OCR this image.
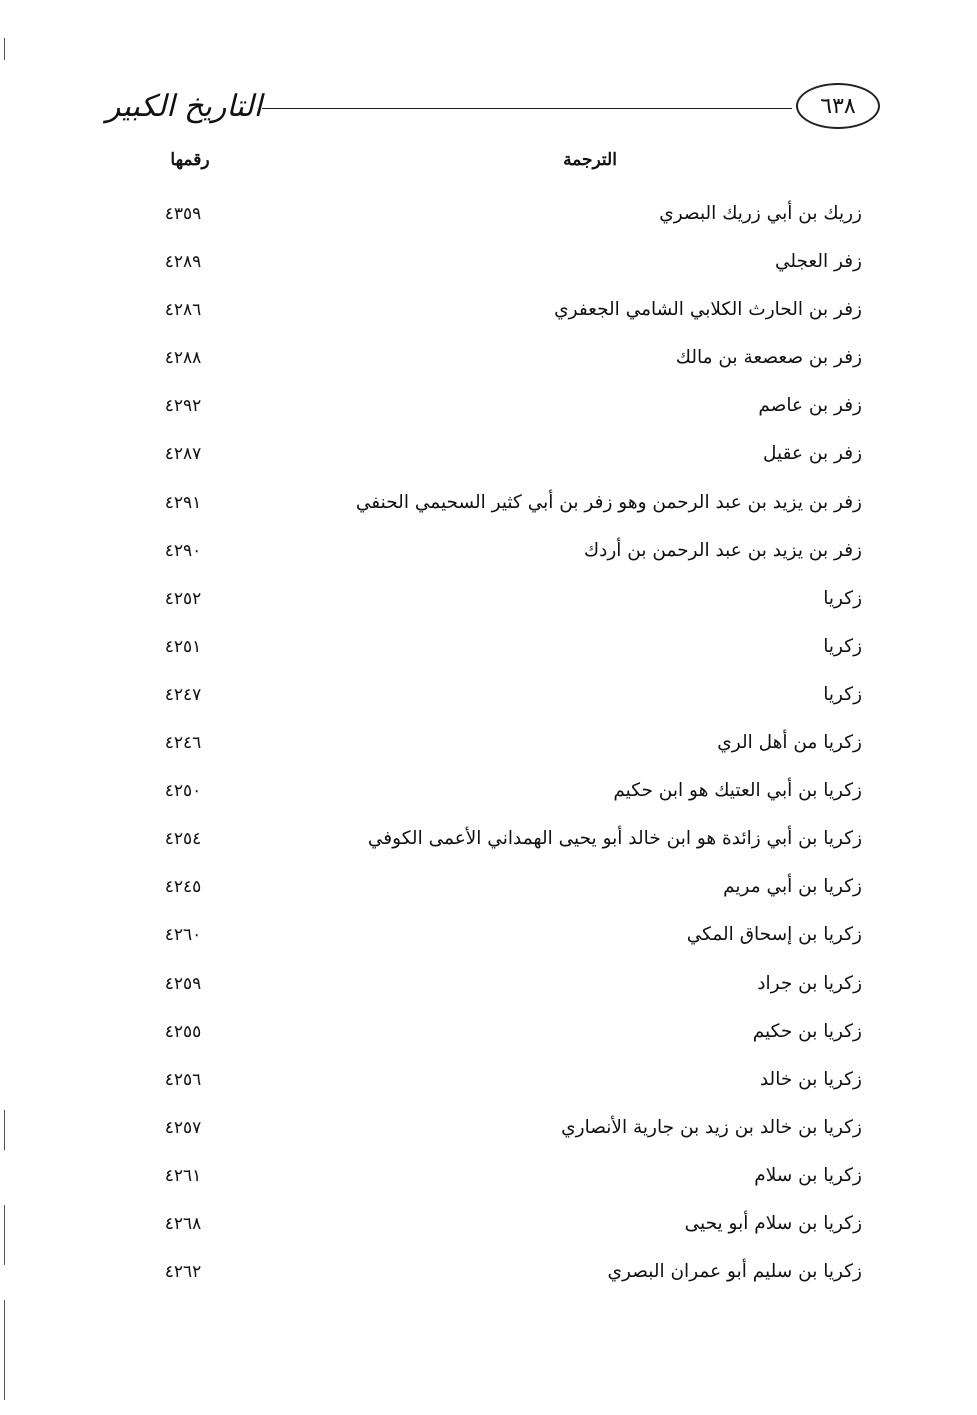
التاريخ الكبير	٦٣٨
الترجمة
رقمها
زريك بن أبي زريك البصري
٤٣٥٩
زفر العجلي
٤٢٨٩
زفر بن الحارث الكلابي الشامي الجعفري
٤٢٨٦
زفر بن صعصعة بن مالك
٤٢٨٨
زفر بن عاصم
٤٢٩٢
زفر بن عقيل
٤٢٨٧
زفر بن يزيد بن عبد الرحمن وهو زفر بن أبي كثير السحيمي الحنفي
٤٢٩١
زفر بن يزيد بن عبد الرحمن بن أردك
٤٢٩٠
زكريا
٤٢٥٢
زكريا
٤٢٥١
زكريا
٤٢٤٧
زكريا من أهل الري
٤٢٤٦
زكريا بن أبي العتيك هو ابن حكيم
٤٢٥٠
زكريا بن أبي زائدة هو ابن خالد أبو يحيى الهمداني الأعمى الكوفي
٤٢٥٤
زكريا بن أبي مريم
٤٢٤٥
زكريا بن إسحاق المكي
٤٢٦٠
زكريا بن جراد
٤٢٥٩
زكريا بن حكيم
٤٢٥٥
زكريا بن خالد
٤٢٥٦
زكريا بن خالد بن زيد بن جارية الأنصاري
٤٢٥٧
زكريا بن سلام
٤٢٦١
زكريا بن سلام أبو يحيى
٤٢٦٨
زكريا بن سليم أبو عمران البصري
٤٢٦٢
